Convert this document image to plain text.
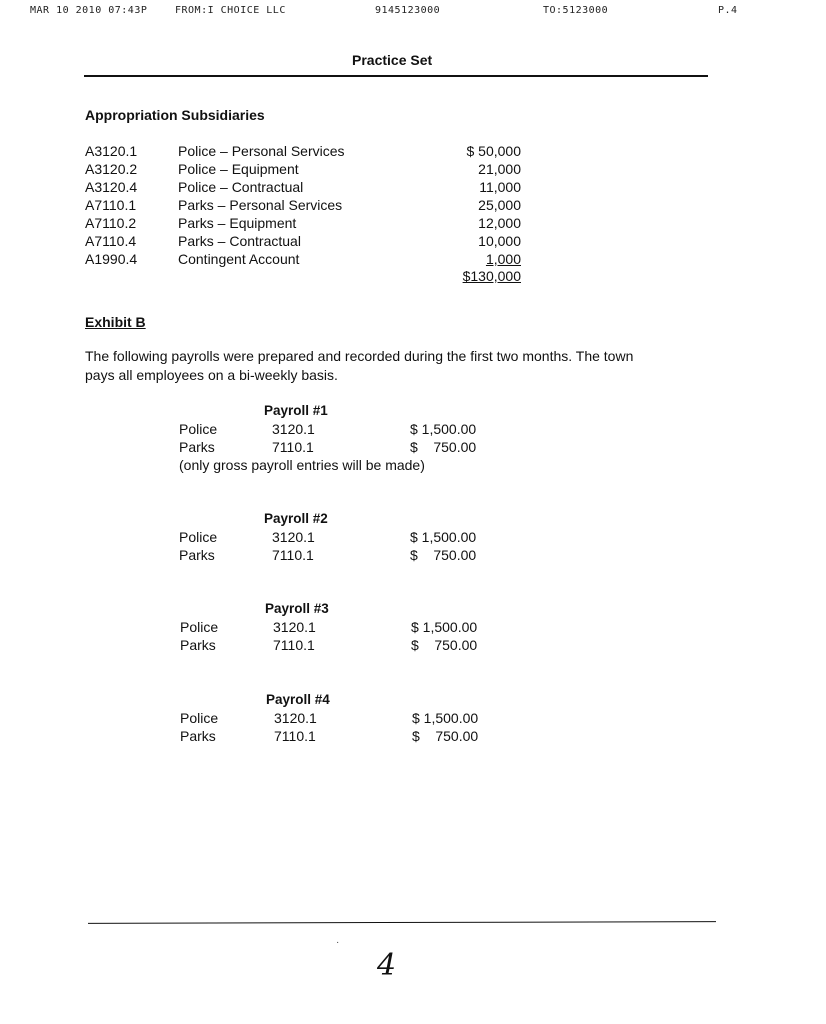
MAR 10 2010 07:43P	FROM:I CHOICE LLC	9145123000	TO:5123000	P.4
Practice Set
Appropriation Subsidiaries
A3120.1	Police – Personal Services	$ 50,000
A3120.2	Police – Equipment	21,000
A3120.4	Police – Contractual	11,000
A7110.1	Parks – Personal Services	25,000
A7110.2	Parks – Equipment	12,000
A7110.4	Parks – Contractual	10,000
A1990.4	Contingent Account	1,000
$130,000
Exhibit B
The following payrolls were prepared and recorded during the first two months. The town
pays all employees on a bi-weekly basis.
Payroll #1
Police	3120.1	$ 1,500.00
Parks	7110.1	$    750.00
(only gross payroll entries will be made)
Payroll #2
Police	3120.1	$ 1,500.00
Parks	7110.1	$    750.00
Payroll #3
Police	3120.1	$ 1,500.00
Parks	7110.1	$    750.00
Payroll #4
Police	3120.1	$ 1,500.00
Parks	7110.1	$    750.00
·
4
